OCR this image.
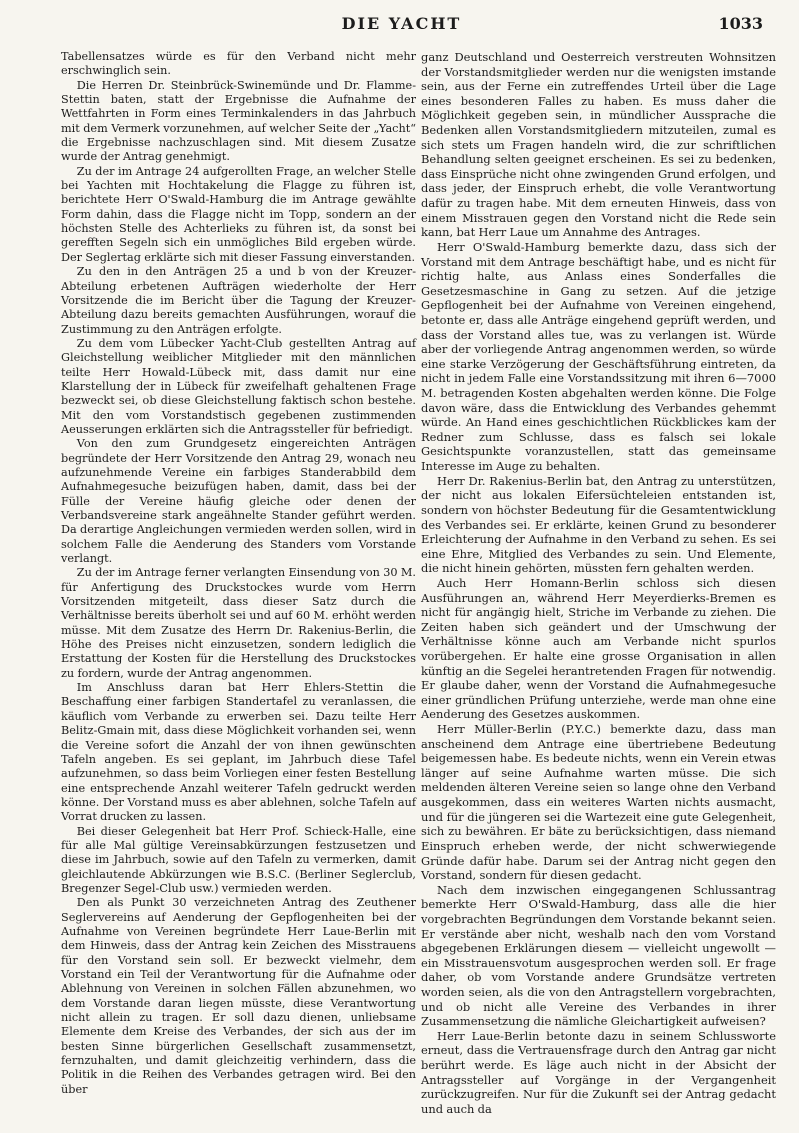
DIE YACHT	1033

Tabellensatzes würde es für den Verband nicht mehr erschwinglich sein.

Die Herren Dr. Steinbrück-Swinemünde und Dr. Flamme-Stettin baten, statt der Ergebnisse die Aufnahme der Wettfahrten in Form eines Terminkalenders in das Jahrbuch mit dem Vermerk vorzunehmen, auf welcher Seite der „Yacht“ die Ergebnisse nachzuschlagen sind. Mit diesem Zusatze wurde der Antrag genehmigt.

Zu der im Antrage 24 aufgerollten Frage, an welcher Stelle bei Yachten mit Hochtakelung die Flagge zu führen ist, berichtete Herr O'Swald-Hamburg die im Antrage gewählte Form dahin, dass die Flagge nicht im Topp, sondern an der höchsten Stelle des Achterlieks zu führen ist, da sonst bei gerefften Segeln sich ein unmögliches Bild ergeben würde. Der Seglertag erklärte sich mit dieser Fassung einverstanden.

Zu den in den Anträgen 25 a und b von der Kreuzer-Abteilung erbetenen Aufträgen wiederholte der Herr Vorsitzende die im Bericht über die Tagung der Kreuzer-Abteilung dazu bereits gemachten Ausführungen, worauf die Zustimmung zu den Anträgen erfolgte.

Zu dem vom Lübecker Yacht-Club gestellten Antrag auf Gleichstellung weiblicher Mitglieder mit den männlichen teilte Herr Howald-Lübeck mit, dass damit nur eine Klarstellung der in Lübeck für zweifelhaft gehaltenen Frage bezweckt sei, ob diese Gleichstellung faktisch schon bestehe. Mit den vom Vorstandstisch gegebenen zustimmenden Aeusserungen erklärten sich die Antragssteller für befriedigt.

Von den zum Grundgesetz eingereichten Anträgen begründete der Herr Vorsitzende den Antrag 29, wonach neu aufzunehmende Vereine ein farbiges Standerabbild dem Aufnahmegesuche beizufügen haben, damit, dass bei der Fülle der Vereine häufig gleiche oder denen der Verbandsvereine stark angeähnelte Stander geführt werden. Da derartige Angleichungen vermieden werden sollen, wird in solchem Falle die Aenderung des Standers vom Vorstande verlangt.

Zu der im Antrage ferner verlangten Einsendung von 30 M. für Anfertigung des Druckstockes wurde vom Herrn Vorsitzenden mitgeteilt, dass dieser Satz durch die Verhältnisse bereits überholt sei und auf 60 M. erhöht werden müsse. Mit dem Zusatze des Herrn Dr. Rakenius-Berlin, die Höhe des Preises nicht einzusetzen, sondern lediglich die Erstattung der Kosten für die Herstellung des Druckstockes zu fordern, wurde der Antrag angenommen.

Im Anschluss daran bat Herr Ehlers-Stettin die Beschaffung einer farbigen Standertafel zu veranlassen, die käuflich vom Verbande zu erwerben sei. Dazu teilte Herr Belitz-Gmain mit, dass diese Möglichkeit vorhanden sei, wenn die Vereine sofort die Anzahl der von ihnen gewünschten Tafeln angeben. Es sei geplant, im Jahrbuch diese Tafel aufzunehmen, so dass beim Vorliegen einer festen Bestellung eine entsprechende Anzahl weiterer Tafeln gedruckt werden könne. Der Vorstand muss es aber ablehnen, solche Tafeln auf Vorrat drucken zu lassen.

Bei dieser Gelegenheit bat Herr Prof. Schieck-Halle, eine für alle Mal gültige Vereinsabkürzungen festzusetzen und diese im Jahrbuch, sowie auf den Tafeln zu vermerken, damit gleichlautende Abkürzungen wie B.S.C. (Berliner Seglerclub, Bregenzer Segel-Club usw.) vermieden werden.

Den als Punkt 30 verzeichneten Antrag des Zeuthener Seglervereins auf Aenderung der Gepflogenheiten bei der Aufnahme von Vereinen begründete Herr Laue-Berlin mit dem Hinweis, dass der Antrag kein Zeichen des Misstrauens für den Vorstand sein soll. Er bezweckt vielmehr, dem Vorstand ein Teil der Verantwortung für die Aufnahme oder Ablehnung von Vereinen in solchen Fällen abzunehmen, wo dem Vorstande daran liegen müsste, diese Verantwortung nicht allein zu tragen. Er soll dazu dienen, unliebsame Elemente dem Kreise des Verbandes, der sich aus der im besten Sinne bürgerlichen Gesellschaft zusammensetzt, fernzuhalten, und damit gleichzeitig verhindern, dass die Politik in die Reihen des Verbandes getragen wird. Bei den über

ganz Deutschland und Oesterreich verstreuten Wohnsitzen der Vorstandsmitglieder werden nur die wenigsten imstande sein, aus der Ferne ein zutreffendes Urteil über die Lage eines besonderen Falles zu haben. Es muss daher die Möglichkeit gegeben sein, in mündlicher Aussprache die Bedenken allen Vorstandsmitgliedern mitzuteilen, zumal es sich stets um Fragen handeln wird, die zur schriftlichen Behandlung selten geeignet erscheinen. Es sei zu bedenken, dass Einsprüche nicht ohne zwingenden Grund erfolgen, und dass jeder, der Einspruch erhebt, die volle Verantwortung dafür zu tragen habe. Mit dem erneuten Hinweis, dass von einem Misstrauen gegen den Vorstand nicht die Rede sein kann, bat Herr Laue um Annahme des Antrages.

Herr O'Swald-Hamburg bemerkte dazu, dass sich der Vorstand mit dem Antrage beschäftigt habe, und es nicht für richtig halte, aus Anlass eines Sonderfalles die Gesetzesmaschine in Gang zu setzen. Auf die jetzige Gepflogenheit bei der Aufnahme von Vereinen eingehend, betonte er, dass alle Anträge eingehend geprüft werden, und dass der Vorstand alles tue, was zu verlangen ist. Würde aber der vorliegende Antrag angenommen werden, so würde eine starke Verzögerung der Geschäftsführung eintreten, da nicht in jedem Falle eine Vorstandssitzung mit ihren 6—7000 M. betragenden Kosten abgehalten werden könne. Die Folge davon wäre, dass die Entwicklung des Verbandes gehemmt würde. An Hand eines geschichtlichen Rückblickes kam der Redner zum Schlusse, dass es falsch sei lokale Gesichtspunkte voranzustellen, statt das gemeinsame Interesse im Auge zu behalten.

Herr Dr. Rakenius-Berlin bat, den Antrag zu unterstützen, der nicht aus lokalen Eifersüchteleien entstanden ist, sondern von höchster Bedeutung für die Gesamtentwicklung des Verbandes sei. Er erklärte, keinen Grund zu besonderer Erleichterung der Aufnahme in den Verband zu sehen. Es sei eine Ehre, Mitglied des Verbandes zu sein. Und Elemente, die nicht hinein gehörten, müssten fern gehalten werden.

Auch Herr Homann-Berlin schloss sich diesen Ausführungen an, während Herr Meyerdierks-Bremen es nicht für angängig hielt, Striche im Verbande zu ziehen. Die Zeiten haben sich geändert und der Umschwung der Verhältnisse könne auch am Verbande nicht spurlos vorübergehen. Er halte eine grosse Organisation in allen künftig an die Segelei herantretenden Fragen für notwendig. Er glaube daher, wenn der Vorstand die Aufnahmegesuche einer gründlichen Prüfung unterziehe, werde man ohne eine Aenderung des Gesetzes auskommen.

Herr Müller-Berlin (P.Y.C.) bemerkte dazu, dass man anscheinend dem Antrage eine übertriebene Bedeutung beigemessen habe. Es bedeute nichts, wenn ein Verein etwas länger auf seine Aufnahme warten müsse. Die sich meldenden älteren Vereine seien so lange ohne den Verband ausgekommen, dass ein weiteres Warten nichts ausmacht, und für die jüngeren sei die Wartezeit eine gute Gelegenheit, sich zu bewähren. Er bäte zu berücksichtigen, dass niemand Einspruch erheben werde, der nicht schwerwiegende Gründe dafür habe. Darum sei der Antrag nicht gegen den Vorstand, sondern für diesen gedacht.

Nach dem inzwischen eingegangenen Schlussantrag bemerkte Herr O'Swald-Hamburg, dass alle die hier vorgebrachten Begründungen dem Vorstande bekannt seien. Er verstände aber nicht, weshalb nach den vom Vorstand abgegebenen Erklärungen diesem — vielleicht ungewollt — ein Misstrauensvotum ausgesprochen werden soll. Er frage daher, ob vom Vorstande andere Grundsätze vertreten worden seien, als die von den Antragstellern vorgebrachten, und ob nicht alle Vereine des Verbandes in ihrer Zusammensetzung die nämliche Gleichartigkeit aufweisen?

Herr Laue-Berlin betonte dazu in seinem Schlussworte erneut, dass die Vertrauensfrage durch den Antrag gar nicht berührt werde. Es läge auch nicht in der Absicht der Antragssteller auf Vorgänge in der Vergangenheit zurückzugreifen. Nur für die Zukunft sei der Antrag gedacht und auch da
